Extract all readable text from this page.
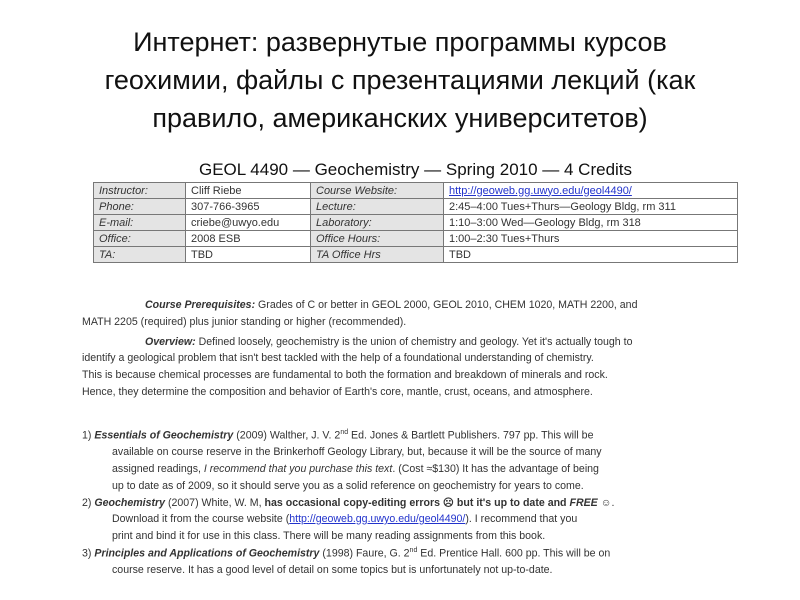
Интернет: развернутые программы курсов
геохимии, файлы с презентациями лекций (как
правило, американских университетов)
GEOL 4490 — Geochemistry — Spring 2010 — 4 Credits
Instructor:	Cliff Riebe	Course Website:	http://geoweb.gg.uwyo.edu/geol4490/
Phone:	307-766-3965	Lecture:	2:45–4:00 Tues+Thurs—Geology Bldg, rm 311
E-mail:	criebe@uwyo.edu	Laboratory:	1:10–3:00 Wed—Geology Bldg, rm 318
Office:	2008 ESB	Office Hours:	1:00–2:30 Tues+Thurs
TA:	TBD	TA Office Hrs	TBD
Course Prerequisites: Grades of C or better in GEOL 2000, GEOL 2010, CHEM 1020, MATH 2200, and
MATH 2205 (required) plus junior standing or higher (recommended).
Overview: Defined loosely, geochemistry is the union of chemistry and geology. Yet it's actually tough to
identify a geological problem that isn't best tackled with the help of a foundational understanding of chemistry.
This is because chemical processes are fundamental to both the formation and breakdown of minerals and rock.
Hence, they determine the composition and behavior of Earth's core, mantle, crust, oceans, and atmosphere.
1) Essentials of Geochemistry (2009) Walther, J. V. 2nd Ed. Jones & Bartlett Publishers. 797 pp. This will be
available on course reserve in the Brinkerhoff Geology Library, but, because it will be the source of many
assigned readings, I recommend that you purchase this text. (Cost ≈$130) It has the advantage of being
up to date as of 2009, so it should serve you as a solid reference on geochemistry for years to come.
2) Geochemistry (2007) White, W. M, has occasional copy-editing errors ☹ but it's up to date and FREE ☺.
Download it from the course website (http://geoweb.gg.uwyo.edu/geol4490/). I recommend that you
print and bind it for use in this class. There will be many reading assignments from this book.
3) Principles and Applications of Geochemistry (1998) Faure, G. 2nd Ed. Prentice Hall. 600 pp. This will be on
course reserve. It has a good level of detail on some topics but is unfortunately not up-to-date.
